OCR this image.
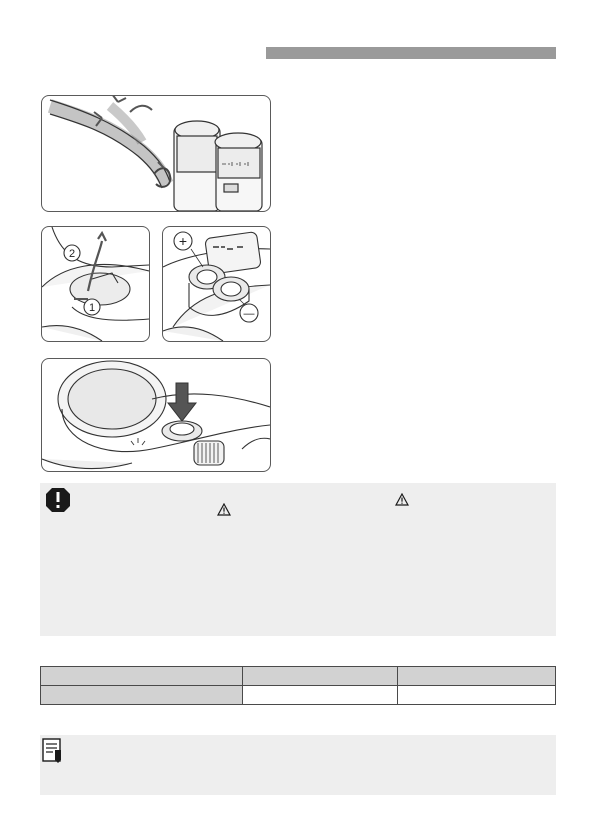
2
1
+
—
